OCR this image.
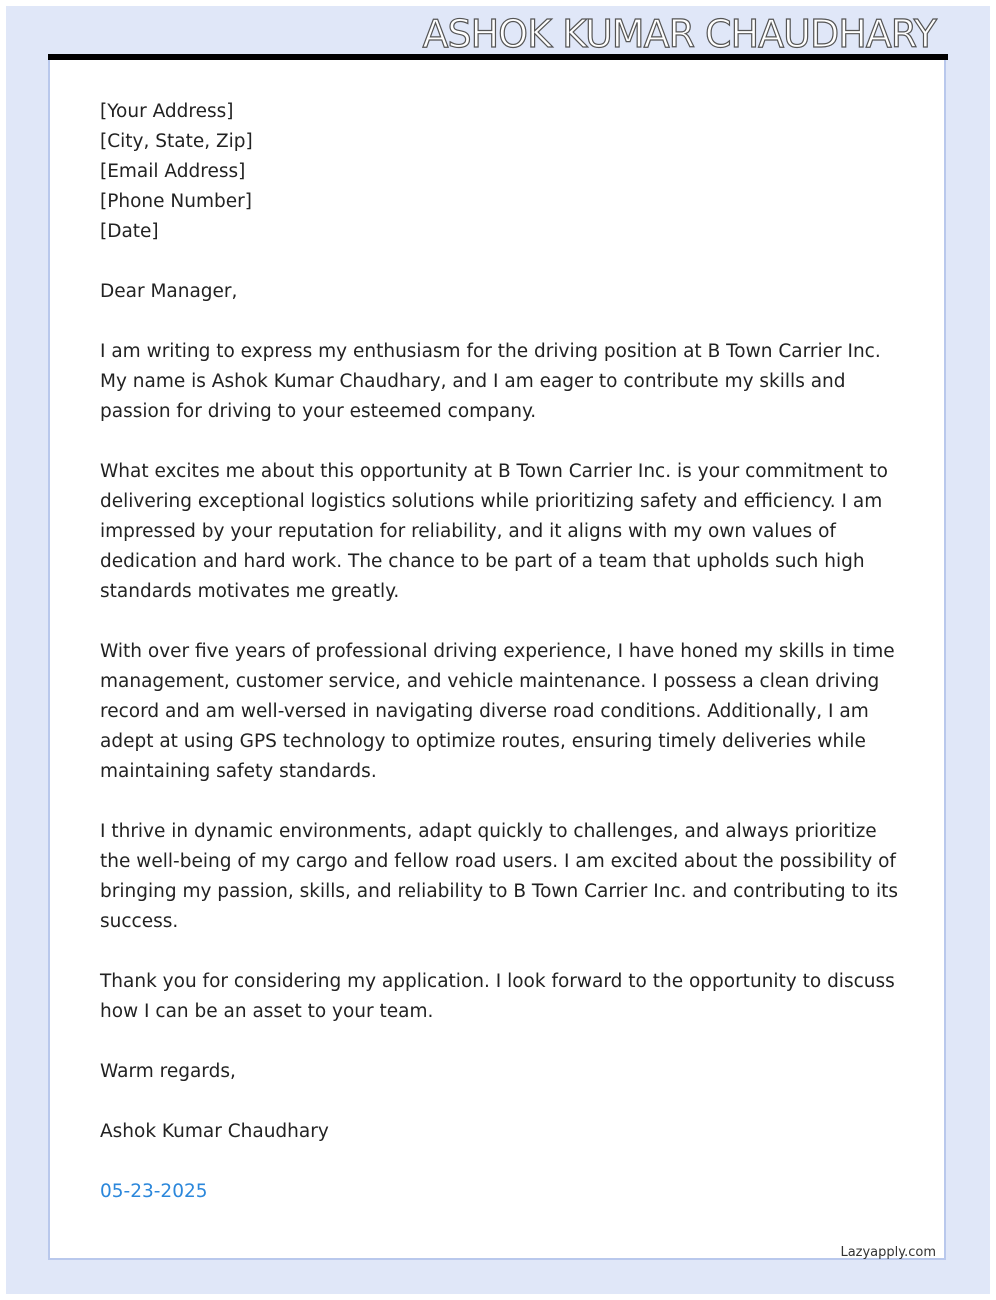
ASHOK KUMAR CHAUDHARY
[Your Address]
[City, State, Zip]
[Email Address]
[Phone Number]
[Date]

Dear Manager,

I am writing to express my enthusiasm for the driving position at B Town Carrier Inc. My name is Ashok Kumar Chaudhary, and I am eager to contribute my skills and passion for driving to your esteemed company.

What excites me about this opportunity at B Town Carrier Inc. is your commitment to delivering exceptional logistics solutions while prioritizing safety and efficiency. I am impressed by your reputation for reliability, and it aligns with my own values of dedication and hard work. The chance to be part of a team that upholds such high standards motivates me greatly.

With over five years of professional driving experience, I have honed my skills in time management, customer service, and vehicle maintenance. I possess a clean driving record and am well-versed in navigating diverse road conditions. Additionally, I am adept at using GPS technology to optimize routes, ensuring timely deliveries while maintaining safety standards.

I thrive in dynamic environments, adapt quickly to challenges, and always prioritize the well-being of my cargo and fellow road users. I am excited about the possibility of bringing my passion, skills, and reliability to B Town Carrier Inc. and contributing to its success.

Thank you for considering my application. I look forward to the opportunity to discuss how I can be an asset to your team.

Warm regards,

Ashok Kumar Chaudhary

05-23-2025

Lazyapply.com
